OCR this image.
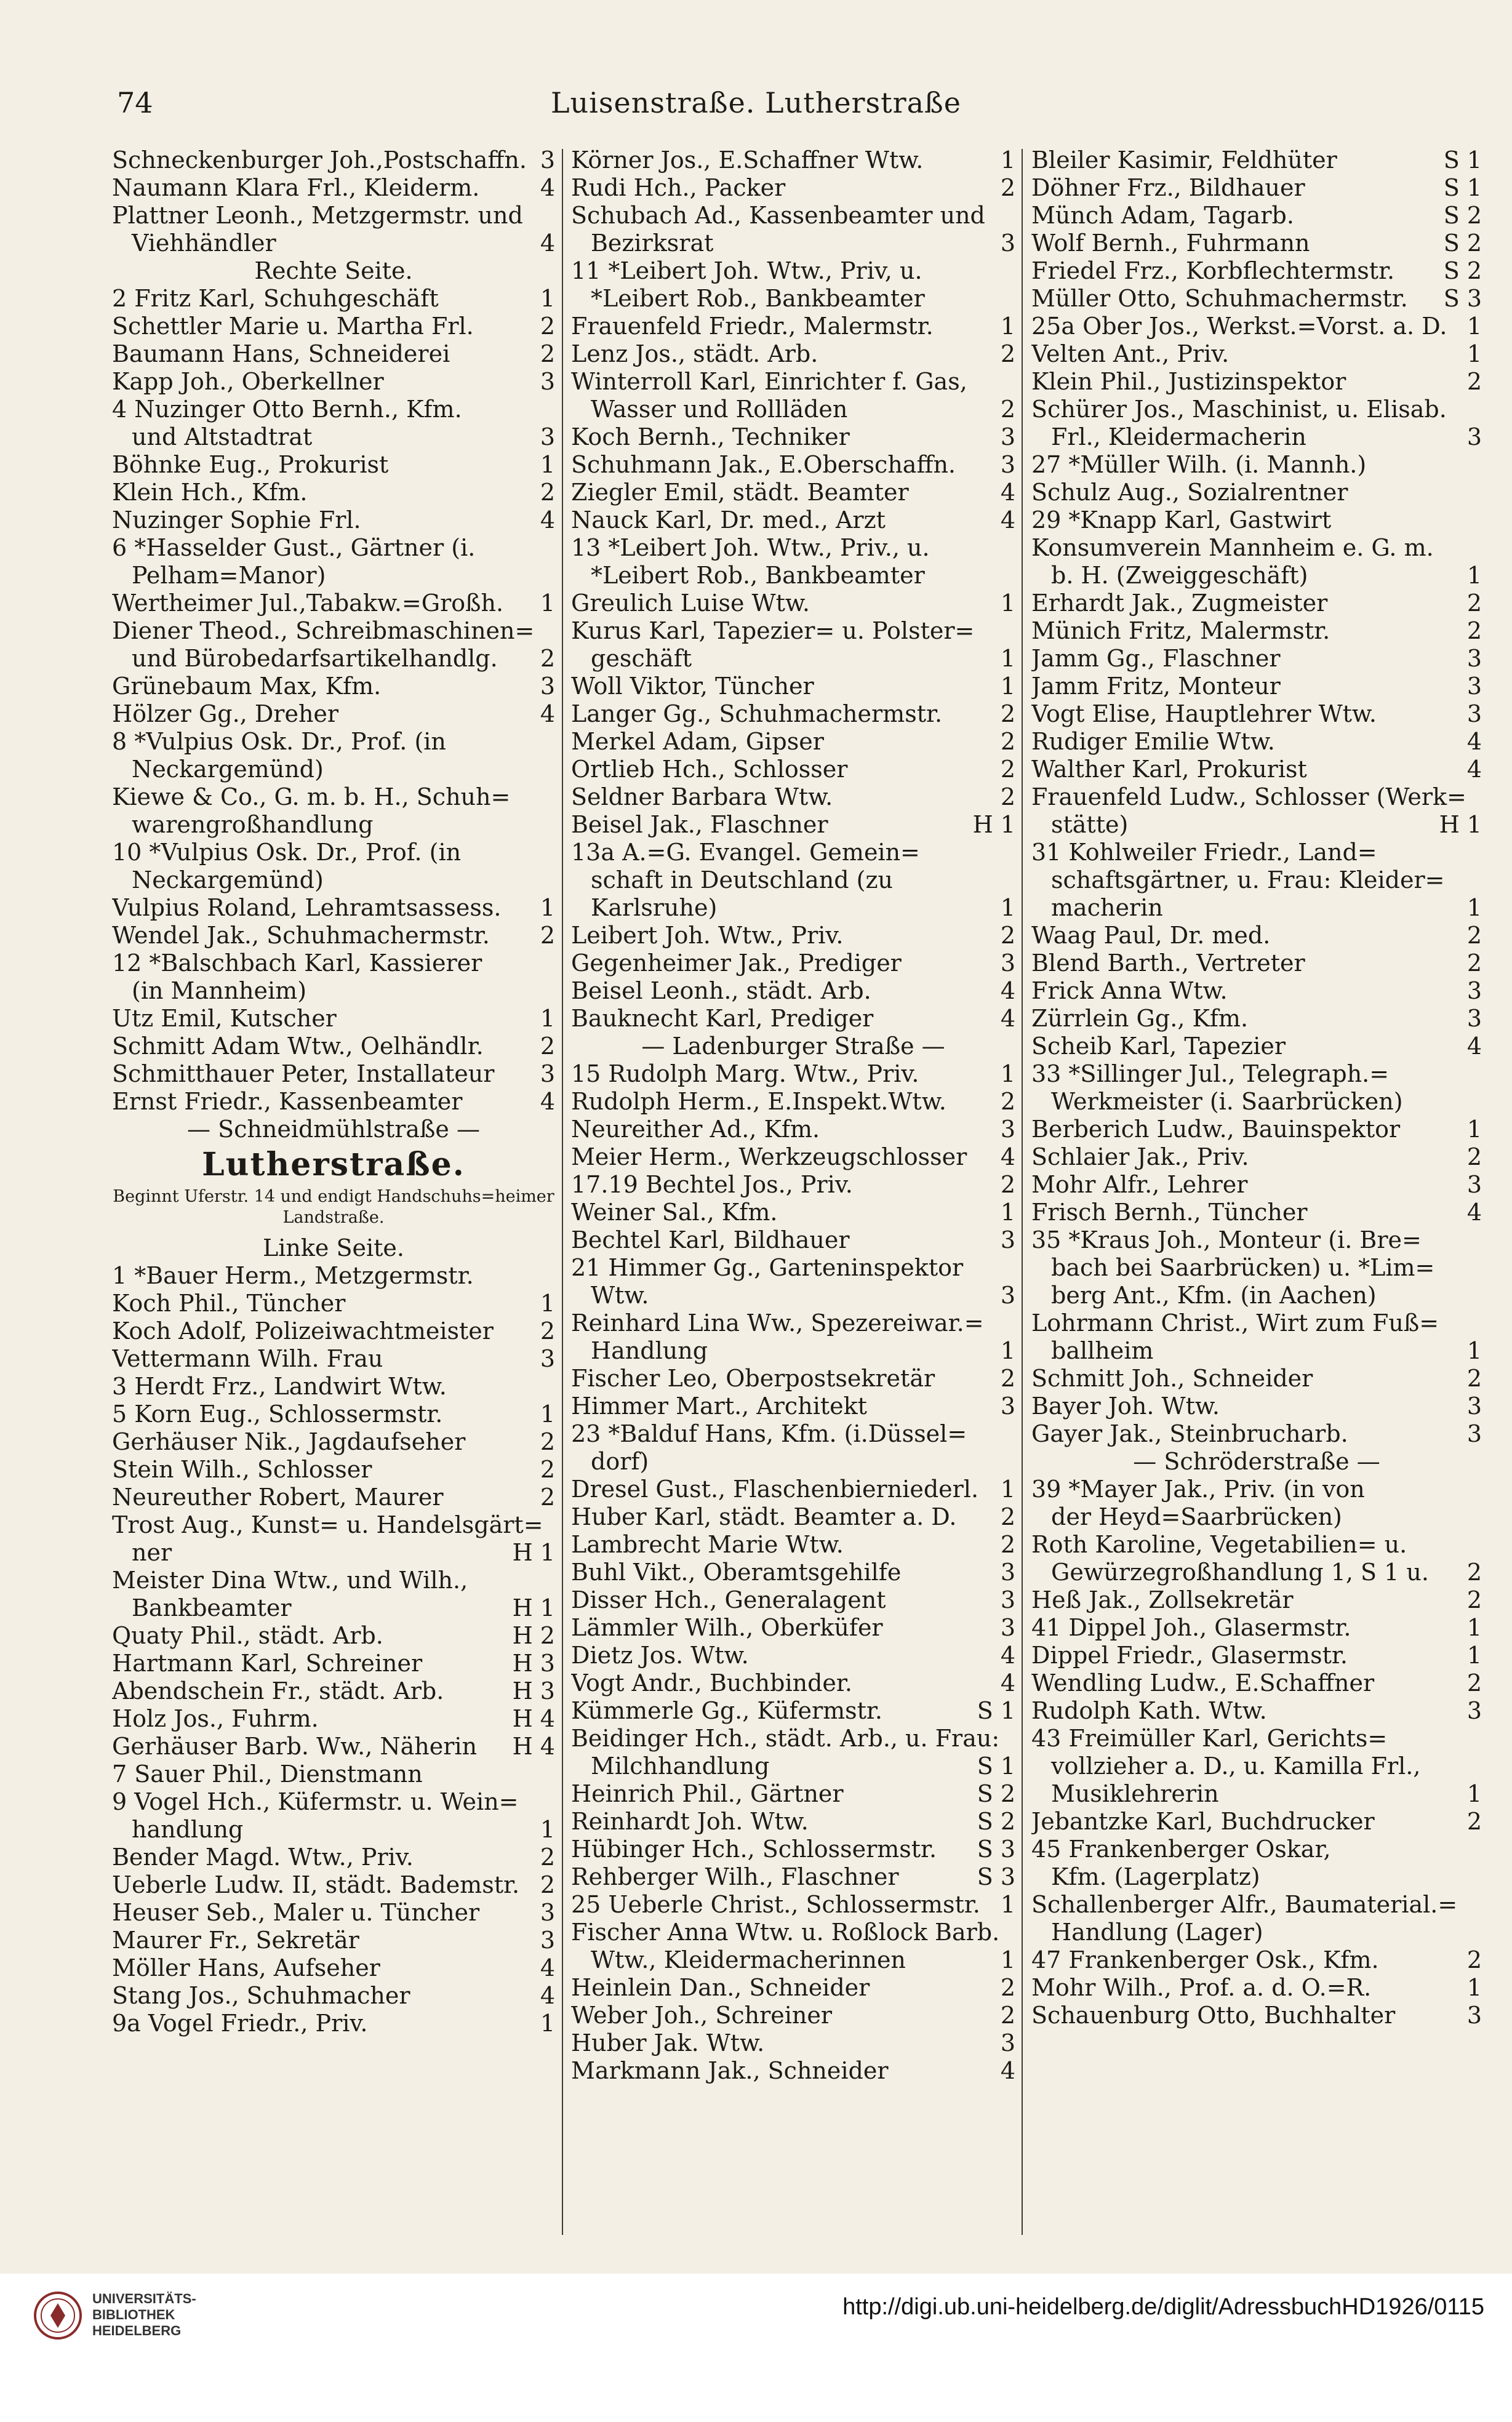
74	Luisenstraße. Lutherstraße
Schneckenburger Joh.,Postschaffn. 3
Naumann Klara Frl., Kleiderm.	4
Plattner Leonh., Metzgermstr. und
Viehhändler	4
Rechte Seite.
2 Fritz Karl, Schuhgeschäft	1
Schettler Marie u. Martha Frl.	2
Baumann Hans, Schneiderei	2
Kapp Joh., Oberkellner	3
4 Nuzinger Otto Bernh., Kfm.
und Altstadtrat	3
Böhnke Eug., Prokurist	1
Klein Hch., Kfm.	2
Nuzinger Sophie Frl.	4
6 *Hasselder Gust., Gärtner (i.
Pelham=Manor)
Wertheimer Jul.,Tabakw.=Großh.	1
Diener Theod., Schreibmaschinen=
und Bürobedarfsartikelhandlg.	2
Grünebaum Max, Kfm.	3
Hölzer Gg., Dreher	4
8 *Vulpius Osk. Dr., Prof. (in
Neckargemünd)
Kiewe & Co., G. m. b. H., Schuh=
warengroßhandlung
10 *Vulpius Osk. Dr., Prof. (in
Neckargemünd)
Vulpius Roland, Lehramtsassess.	1
Wendel Jak., Schuhmachermstr.	2
12 *Balschbach Karl, Kassierer
(in Mannheim)
Utz Emil, Kutscher	1
Schmitt Adam Wtw., Oelhändlr.	2
Schmitthauer Peter, Installateur	3
Ernst Friedr., Kassenbeamter	4
— Schneidmühlstraße —
Lutherstraße.
Beginnt Uferstr. 14 und endigt Handschuhs=heimer Landstraße.
Linke Seite.
1 *Bauer Herm., Metzgermstr.
Koch Phil., Tüncher	1
Koch Adolf, Polizeiwachtmeister	2
Vettermann Wilh. Frau	3
3 Herdt Frz., Landwirt Wtw.
5 Korn Eug., Schlossermstr.	1
Gerhäuser Nik., Jagdaufseher	2
Stein Wilh., Schlosser	2
Neureuther Robert, Maurer	2
Trost Aug., Kunst= u. Handelsgärt=
ner	H 1
Meister Dina Wtw., und Wilh.,
Bankbeamter	H 1
Quaty Phil., städt. Arb.	H 2
Hartmann Karl, Schreiner	H 3
Abendschein Fr., städt. Arb.	H 3
Holz Jos., Fuhrm.	H 4
Gerhäuser Barb. Ww., Näherin	H 4
7 Sauer Phil., Dienstmann
9 Vogel Hch., Küfermstr. u. Wein=
handlung	1
Bender Magd. Wtw., Priv.	2
Ueberle Ludw. II, städt. Bademstr. 2
Heuser Seb., Maler u. Tüncher	3
Maurer Fr., Sekretär	3
Möller Hans, Aufseher	4
Stang Jos., Schuhmacher	4
9a Vogel Friedr., Priv.	1
Körner Jos., E.Schaffner Wtw.	1
Rudi Hch., Packer	2
Schubach Ad., Kassenbeamter und
Bezirksrat	3
11 *Leibert Joh. Wtw., Priv, u.
*Leibert Rob., Bankbeamter
Frauenfeld Friedr., Malermstr.	1
Lenz Jos., städt. Arb.	2
Winterroll Karl, Einrichter f. Gas,
Wasser und Rollläden	2
Koch Bernh., Techniker	3
Schuhmann Jak., E.Oberschaffn.	3
Ziegler Emil, städt. Beamter	4
Nauck Karl, Dr. med., Arzt	4
13 *Leibert Joh. Wtw., Priv., u.
*Leibert Rob., Bankbeamter
Greulich Luise Wtw.	1
Kurus Karl, Tapezier= u. Polster=
geschäft	1
Woll Viktor, Tüncher	1
Langer Gg., Schuhmachermstr.	2
Merkel Adam, Gipser	2
Ortlieb Hch., Schlosser	2
Seldner Barbara Wtw.	2
Beisel Jak., Flaschner	H 1
13a A.=G. Evangel. Gemein=
schaft in Deutschland (zu
Karlsruhe)	1
Leibert Joh. Wtw., Priv.	2
Gegenheimer Jak., Prediger	3
Beisel Leonh., städt. Arb.	4
Bauknecht Karl, Prediger	4
— Ladenburger Straße —
15 Rudolph Marg. Wtw., Priv.	1
Rudolph Herm., E.Inspekt.Wtw.	2
Neureither Ad., Kfm.	3
Meier Herm., Werkzeugschlosser	4
17.19 Bechtel Jos., Priv.	2
Weiner Sal., Kfm.	1
Bechtel Karl, Bildhauer	3
21 Himmer Gg., Garteninspektor
Wtw.	3
Reinhard Lina Ww., Spezereiwar.=
Handlung	1
Fischer Leo, Oberpostsekretär	2
Himmer Mart., Architekt	3
23 *Balduf Hans, Kfm. (i.Düssel=
dorf)
Dresel Gust., Flaschenbierniederl. 1
Huber Karl, städt. Beamter a. D.	2
Lambrecht Marie Wtw.	2
Buhl Vikt., Oberamtsgehilfe	3
Disser Hch., Generalagent	3
Lämmler Wilh., Oberküfer	3
Dietz Jos. Wtw.	4
Vogt Andr., Buchbinder.	4
Kümmerle Gg., Küfermstr.	S 1
Beidinger Hch., städt. Arb., u. Frau:
Milchhandlung	S 1
Heinrich Phil., Gärtner	S 2
Reinhardt Joh. Wtw.	S 2
Hübinger Hch., Schlossermstr.	S 3
Rehberger Wilh., Flaschner	S 3
25 Ueberle Christ., Schlossermstr. 1
Fischer Anna Wtw. u. Roßlock Barb.
Wtw., Kleidermacherinnen	1
Heinlein Dan., Schneider	2
Weber Joh., Schreiner	2
Huber Jak. Wtw.	3
Markmann Jak., Schneider	4
Bleiler Kasimir, Feldhüter	S 1
Döhner Frz., Bildhauer	S 1
Münch Adam, Tagarb.	S 2
Wolf Bernh., Fuhrmann	S 2
Friedel Frz., Korbflechtermstr.	S 2
Müller Otto, Schuhmachermstr.	S 3
25a Ober Jos., Werkst.=Vorst. a. D. 1
Velten Ant., Priv.	1
Klein Phil., Justizinspektor	2
Schürer Jos., Maschinist, u. Elisab.
Frl., Kleidermacherin	3
27 *Müller Wilh. (i. Mannh.)
Schulz Aug., Sozialrentner
29 *Knapp Karl, Gastwirt
Konsumverein Mannheim e. G. m.
b. H. (Zweiggeschäft)	1
Erhardt Jak., Zugmeister	2
Münich Fritz, Malermstr.	2
Jamm Gg., Flaschner	3
Jamm Fritz, Monteur	3
Vogt Elise, Hauptlehrer Wtw.	3
Rudiger Emilie Wtw.	4
Walther Karl, Prokurist	4
Frauenfeld Ludw., Schlosser (Werk=
stätte)	H 1
31 Kohlweiler Friedr., Land=
schaftsgärtner, u. Frau: Kleider=
macherin	1
Waag Paul, Dr. med.	2
Blend Barth., Vertreter	2
Frick Anna Wtw.	3
Zürrlein Gg., Kfm.	3
Scheib Karl, Tapezier	4
33 *Sillinger Jul., Telegraph.=
Werkmeister (i. Saarbrücken)
Berberich Ludw., Bauinspektor	1
Schlaier Jak., Priv.	2
Mohr Alfr., Lehrer	3
Frisch Bernh., Tüncher	4
35 *Kraus Joh., Monteur (i. Bre=
bach bei Saarbrücken) u. *Lim=
berg Ant., Kfm. (in Aachen)
Lohrmann Christ., Wirt zum Fuß=
ballheim	1
Schmitt Joh., Schneider	2
Bayer Joh. Wtw.	3
Gayer Jak., Steinbrucharb.	3
— Schröderstraße —
39 *Mayer Jak., Priv. (in von
der Heyd=Saarbrücken)
Roth Karoline, Vegetabilien= u.
Gewürzegroßhandlung 1, S 1 u.	2
Heß Jak., Zollsekretär	2
41 Dippel Joh., Glasermstr.	1
Dippel Friedr., Glasermstr.	1
Wendling Ludw., E.Schaffner	2
Rudolph Kath. Wtw.	3
43 Freimüller Karl, Gerichts=
vollzieher a. D., u. Kamilla Frl.,
Musiklehrerin	1
Jebantzke Karl, Buchdrucker	2
45 Frankenberger Oskar,
Kfm. (Lagerplatz)
Schallenberger Alfr., Baumaterial.=
Handlung (Lager)
47 Frankenberger Osk., Kfm.	2
Mohr Wilh., Prof. a. d. O.=R.	1
Schauenburg Otto, Buchhalter	3
UNIVERSITÄTS-
BIBLIOTHEK
HEIDELBERG
http://digi.ub.uni-heidelberg.de/diglit/AdressbuchHD1926/0115
